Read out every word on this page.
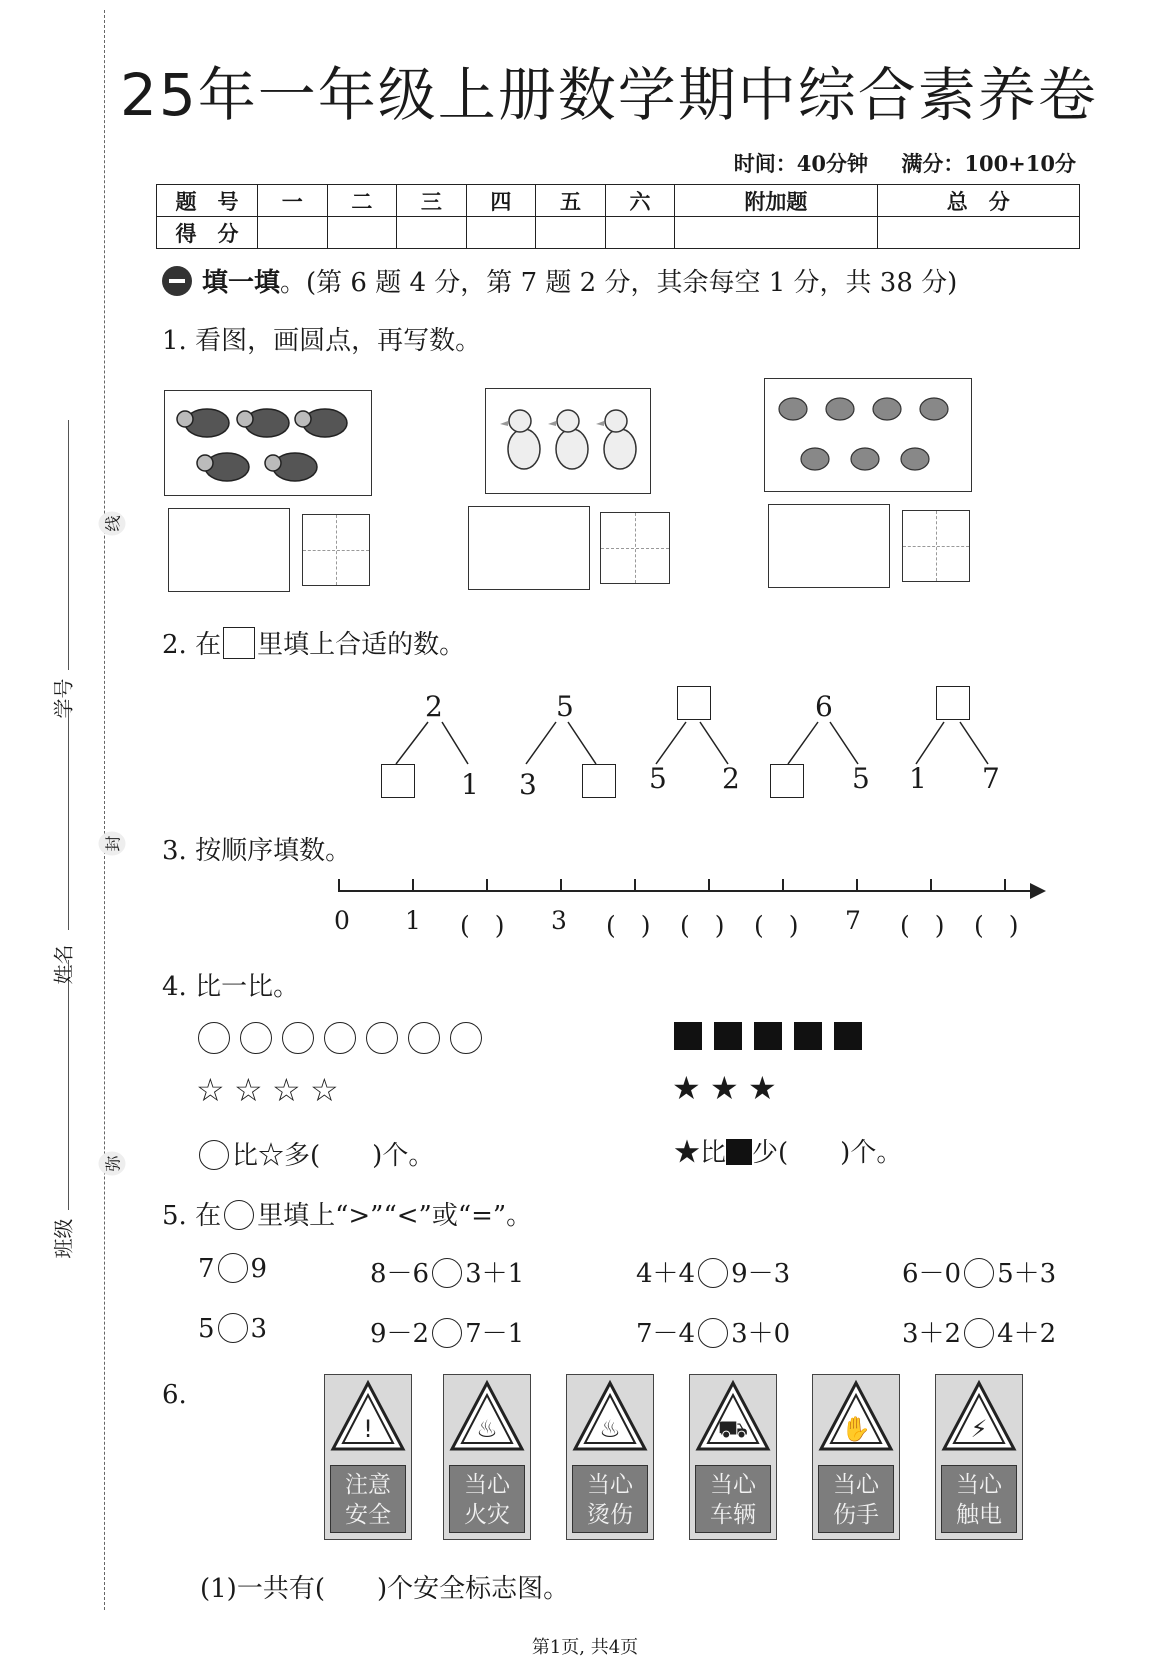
线
封
弥
学号
姓名
班级
25年一年级上册数学期中综合素养卷
时间：40分钟 满分：100+10分
题　号	一	二	三	四	五	六	附加题	总　分
得　分								
填一填。(第 6 题 4 分，第 7 题 2 分，其余每空 1 分，共 38 分)
1. 看图，画圆点，再写数。
2. 在 里填上合适的数。
2
1
5
3	5 2
6
5 1 7
3. 按顺序填数。
0 1 (　) 3 (　) (　) (　) 7 (　) (　)
4. 比一比。
☆ ☆ ☆ ☆	★ ★ ★
比☆多(　　)个。	★比 少(　　)个。
5. 在 里填上“>”“<”或“=”。
7 9	8－6 3＋1	4＋4 9－3	6－0 5＋3
5 3	9－2 7－1	7－4 3＋0	3＋2 4＋2
6.
!
注意
安全
♨
当心
火灾
♨
当心
烫伤
⛟
当心
车辆
✋
当心
伤手
⚡
当心
触电
(1)一共有(　　)个安全标志图。
第1页, 共4页
